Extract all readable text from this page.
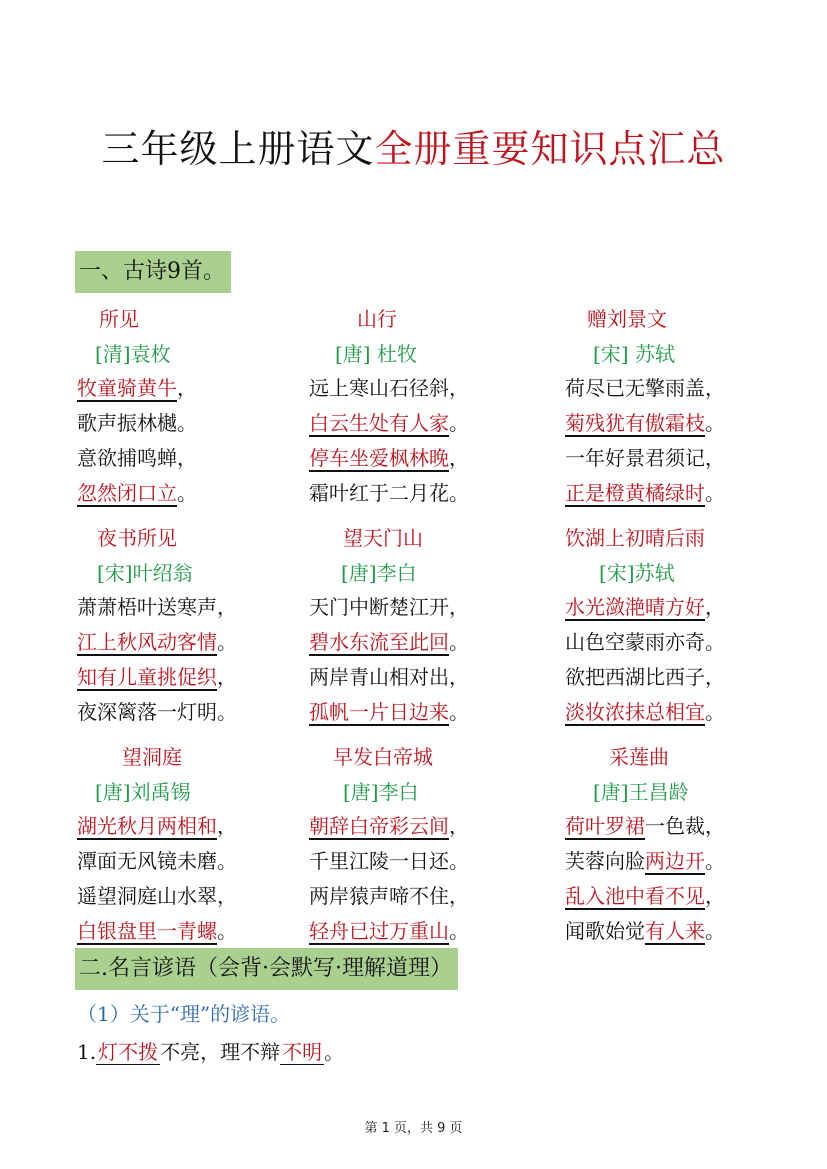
三年级上册语文全册重要知识点汇总
一、古诗9首。
所见
[清]袁枚
牧童骑黄牛，
歌声振林樾。
意欲捕鸣蝉，
忽然闭口立。
山行
[唐] 杜牧
远上寒山石径斜，
白云生处有人家。
停车坐爱枫林晚，
霜叶红于二月花。
赠刘景文
[宋] 苏轼
荷尽已无擎雨盖，
菊残犹有傲霜枝。
一年好景君须记，
正是橙黄橘绿时。
夜书所见
[宋]叶绍翁
萧萧梧叶送寒声，
江上秋风动客情。
知有儿童挑促织，
夜深篱落一灯明。
望天门山
[唐]李白
天门中断楚江开，
碧水东流至此回。
两岸青山相对出，
孤帆一片日边来。
饮湖上初晴后雨
[宋]苏轼
水光潋滟晴方好，
山色空蒙雨亦奇。
欲把西湖比西子，
淡妆浓抹总相宜。
望洞庭
[唐]刘禹锡
湖光秋月两相和，
潭面无风镜未磨。
遥望洞庭山水翠，
白银盘里一青螺。
早发白帝城
[唐]李白
朝辞白帝彩云间，
千里江陵一日还。
两岸猿声啼不住，
轻舟已过万重山。
采莲曲
[唐]王昌龄
荷叶罗裙一色裁，
芙蓉向脸两边开。
乱入池中看不见，
闻歌始觉有人来。
二.名言谚语（会背·会默写·理解道理）
（1）关于“理”的谚语。
1. 灯不拨 不亮，理不辩 不明 。
第 1 页，共 9 页
